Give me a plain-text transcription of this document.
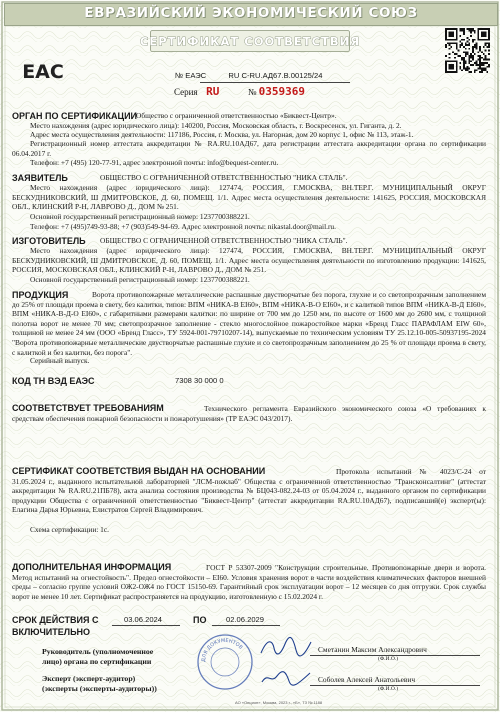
ЕВРАЗИЙСКИЙ ЭКОНОМИЧЕСКИЙ СОЮЗ
СЕРТИФИКАТ СООТВЕТСТВИЯ
EAC	№ ЕАЭС	RU С-RU.АД67.В.00125/24
Серия RU	№ 0359369
ОРГАН ПО СЕРТИФИКАЦИИ
Общество с ограниченной ответственностью «Биквест-Центр».
Место нахождения (адрес юридического лица): 140200, Россия, Московская область, г. Воскресенск, ул. Гиганта, д. 2.
Адрес места осуществления деятельности: 117186, Россия, г. Москва, ул. Нагорная, дом 20 корпус 1, офис № 113, этаж-1.
Регистрационный номер аттестата аккредитации № RA.RU.10АД67, дата регистрации аттестата аккредитации органа по сертификации 06.04.2017 г.
Телефон: +7 (495) 120-77-91, адрес электронной почты: info@bequest-center.ru.
ЗАЯВИТЕЛЬ	ОБЩЕСТВО С ОГРАНИЧЕННОЙ ОТВЕТСТВЕННОСТЬЮ "НИКА СТАЛЬ".
Место нахождения (адрес юридического лица): 127474, РОССИЯ, Г.МОСКВА, ВН.ТЕР.Г. МУНИЦИПАЛЬНЫЙ ОКРУГ БЕСКУДНИКОВСКИЙ, Ш ДМИТРОВСКОЕ, Д. 60, ПОМЕЩ. 1/1. Адрес места осуществления деятельности: 141625, РОССИЯ, МОСКОВСКАЯ ОБЛ., КЛИНСКИЙ Р-Н, ЛАВРОВО Д., ДОМ № 251.
Основной государственный регистрационный номер: 1237700388221.
Телефон: +7 (495)749-93-88; +7 (903)549-94-69. Адрес электронной почты: nikastal.door@mail.ru.
ИЗГОТОВИТЕЛЬ ОБЩЕСТВО С ОГРАНИЧЕННОЙ ОТВЕТСТВЕННОСТЬЮ "НИКА СТАЛЬ".
Место нахождения (адрес юридического лица): 127474, РОССИЯ, Г.МОСКВА, ВН.ТЕР.Г. МУНИЦИПАЛЬНЫЙ ОКРУГ БЕСКУДНИКОВСКИЙ, Ш ДМИТРОВСКОЕ, Д. 60, ПОМЕЩ. 1/1. Адрес места осуществления деятельности по изготовлению продукции: 141625, РОССИЯ, МОСКОВСКАЯ ОБЛ., КЛИНСКИЙ Р-Н, ЛАВРОВО Д., ДОМ № 251.
Основной государственный регистрационный номер: 1237700388221.
ПРОДУКЦИЯ	Ворота противопожарные металлические распашные двустворчатые без порога, глухие и со светопрозрачным заполнением до 25% от площади проема в свету, без калитки, типов: ВПМ «НИКА-В EI60», ВПМ «НИКА-В-О EI60», и с калиткой типов ВПМ «НИКА-В-Д EI60», ВПМ «НИКА-В-Д-О EI60», с габаритными размерами калитки: по ширине от 700 мм до 1250 мм, по высоте от 1600 мм до 2600 мм, с толщиной полотна ворот не менее 70 мм; светопрозрачное заполнение - стекло многослойное пожаростойкое марки «Бренд Гласс ПАРАФЛАМ EIW 60», толщиной не менее 24 мм (ООО «Бренд Гласс», ТУ 5924-001-79710207-14), выпускаемые по техническим условиям ТУ 25.12.10-005-50937195-2024 "Ворота противопожарные металлические двустворчатые распашные глухие и со светопрозрачным заполнением до 25 % от площади проема в свету, с калиткой и без калитки, без порога".
Серийный выпуск.
КОД ТН ВЭД ЕАЭС	7308 30 000 0
СООТВЕТСТВУЕТ ТРЕБОВАНИЯМ	Технического регламента Евразийского экономического союза «О требованиях к средствам обеспечения пожарной безопасности и пожаротушения» (ТР ЕАЭС 043/2017).
СЕРТИФИКАТ СООТВЕТСТВИЯ ВЫДАН НА ОСНОВАНИИ	Протокола испытаний № 4023/С-24 от 31.05.2024 г., выданного испытательной лабораторией "ЛСМ-пожлаб" Общества с ограниченной ответственностью "Трансконсалтинг" (аттестат аккредитации № RA.RU.21ПБ78), акта анализа состояния производства № БЦ043-082.24-03 от 05.04.2024 г., выданного органом по сертификации продукции Общества с ограниченной ответственностью "Биквест-Центр" (аттестат аккредитации RA.RU.10АД67), подписавший(е) эксперт(ы): Елагина Дарья Юрьевна, Елистратов Сергей Владимирович.
Схема сертификации: 1с.
ДОПОЛНИТЕЛЬНАЯ ИНФОРМАЦИЯ	ГОСТ Р 53307-2009 "Конструкции строительные. Противопожарные двери и ворота. Метод испытаний на огнестойкость". Предел огнестойкости – EI60. Условия хранения ворот в части воздействия климатических факторов внешней среды – согласно группе условий ОЖ2-ОЖ4 по ГОСТ 15150-69. Гарантийный срок эксплуатации ворот – 12 месяцев со дня отгрузки. Срок службы ворот не менее 10 лет. Сертификат распространяется на продукцию, изготовленную с 15.02.2024 г.
СРОК ДЕЙСТВИЯ С	03.06.2024	ПО	02.06.2029
ВКЛЮЧИТЕЛЬНО
Руководитель (уполномоченное
лицо) органа по сертификации
Сметанин Максим Александрович
(Ф.И.О.)
Эксперт (эксперт-аудитор)
(эксперты (эксперты-аудиторы))
Соболев Алексей Анатольевич
(Ф.И.О.)
ДЛЯ ДОКУМЕНТОВ
АО «Опцион», Москва, 2023 г., «Б», ТЗ № 1188
